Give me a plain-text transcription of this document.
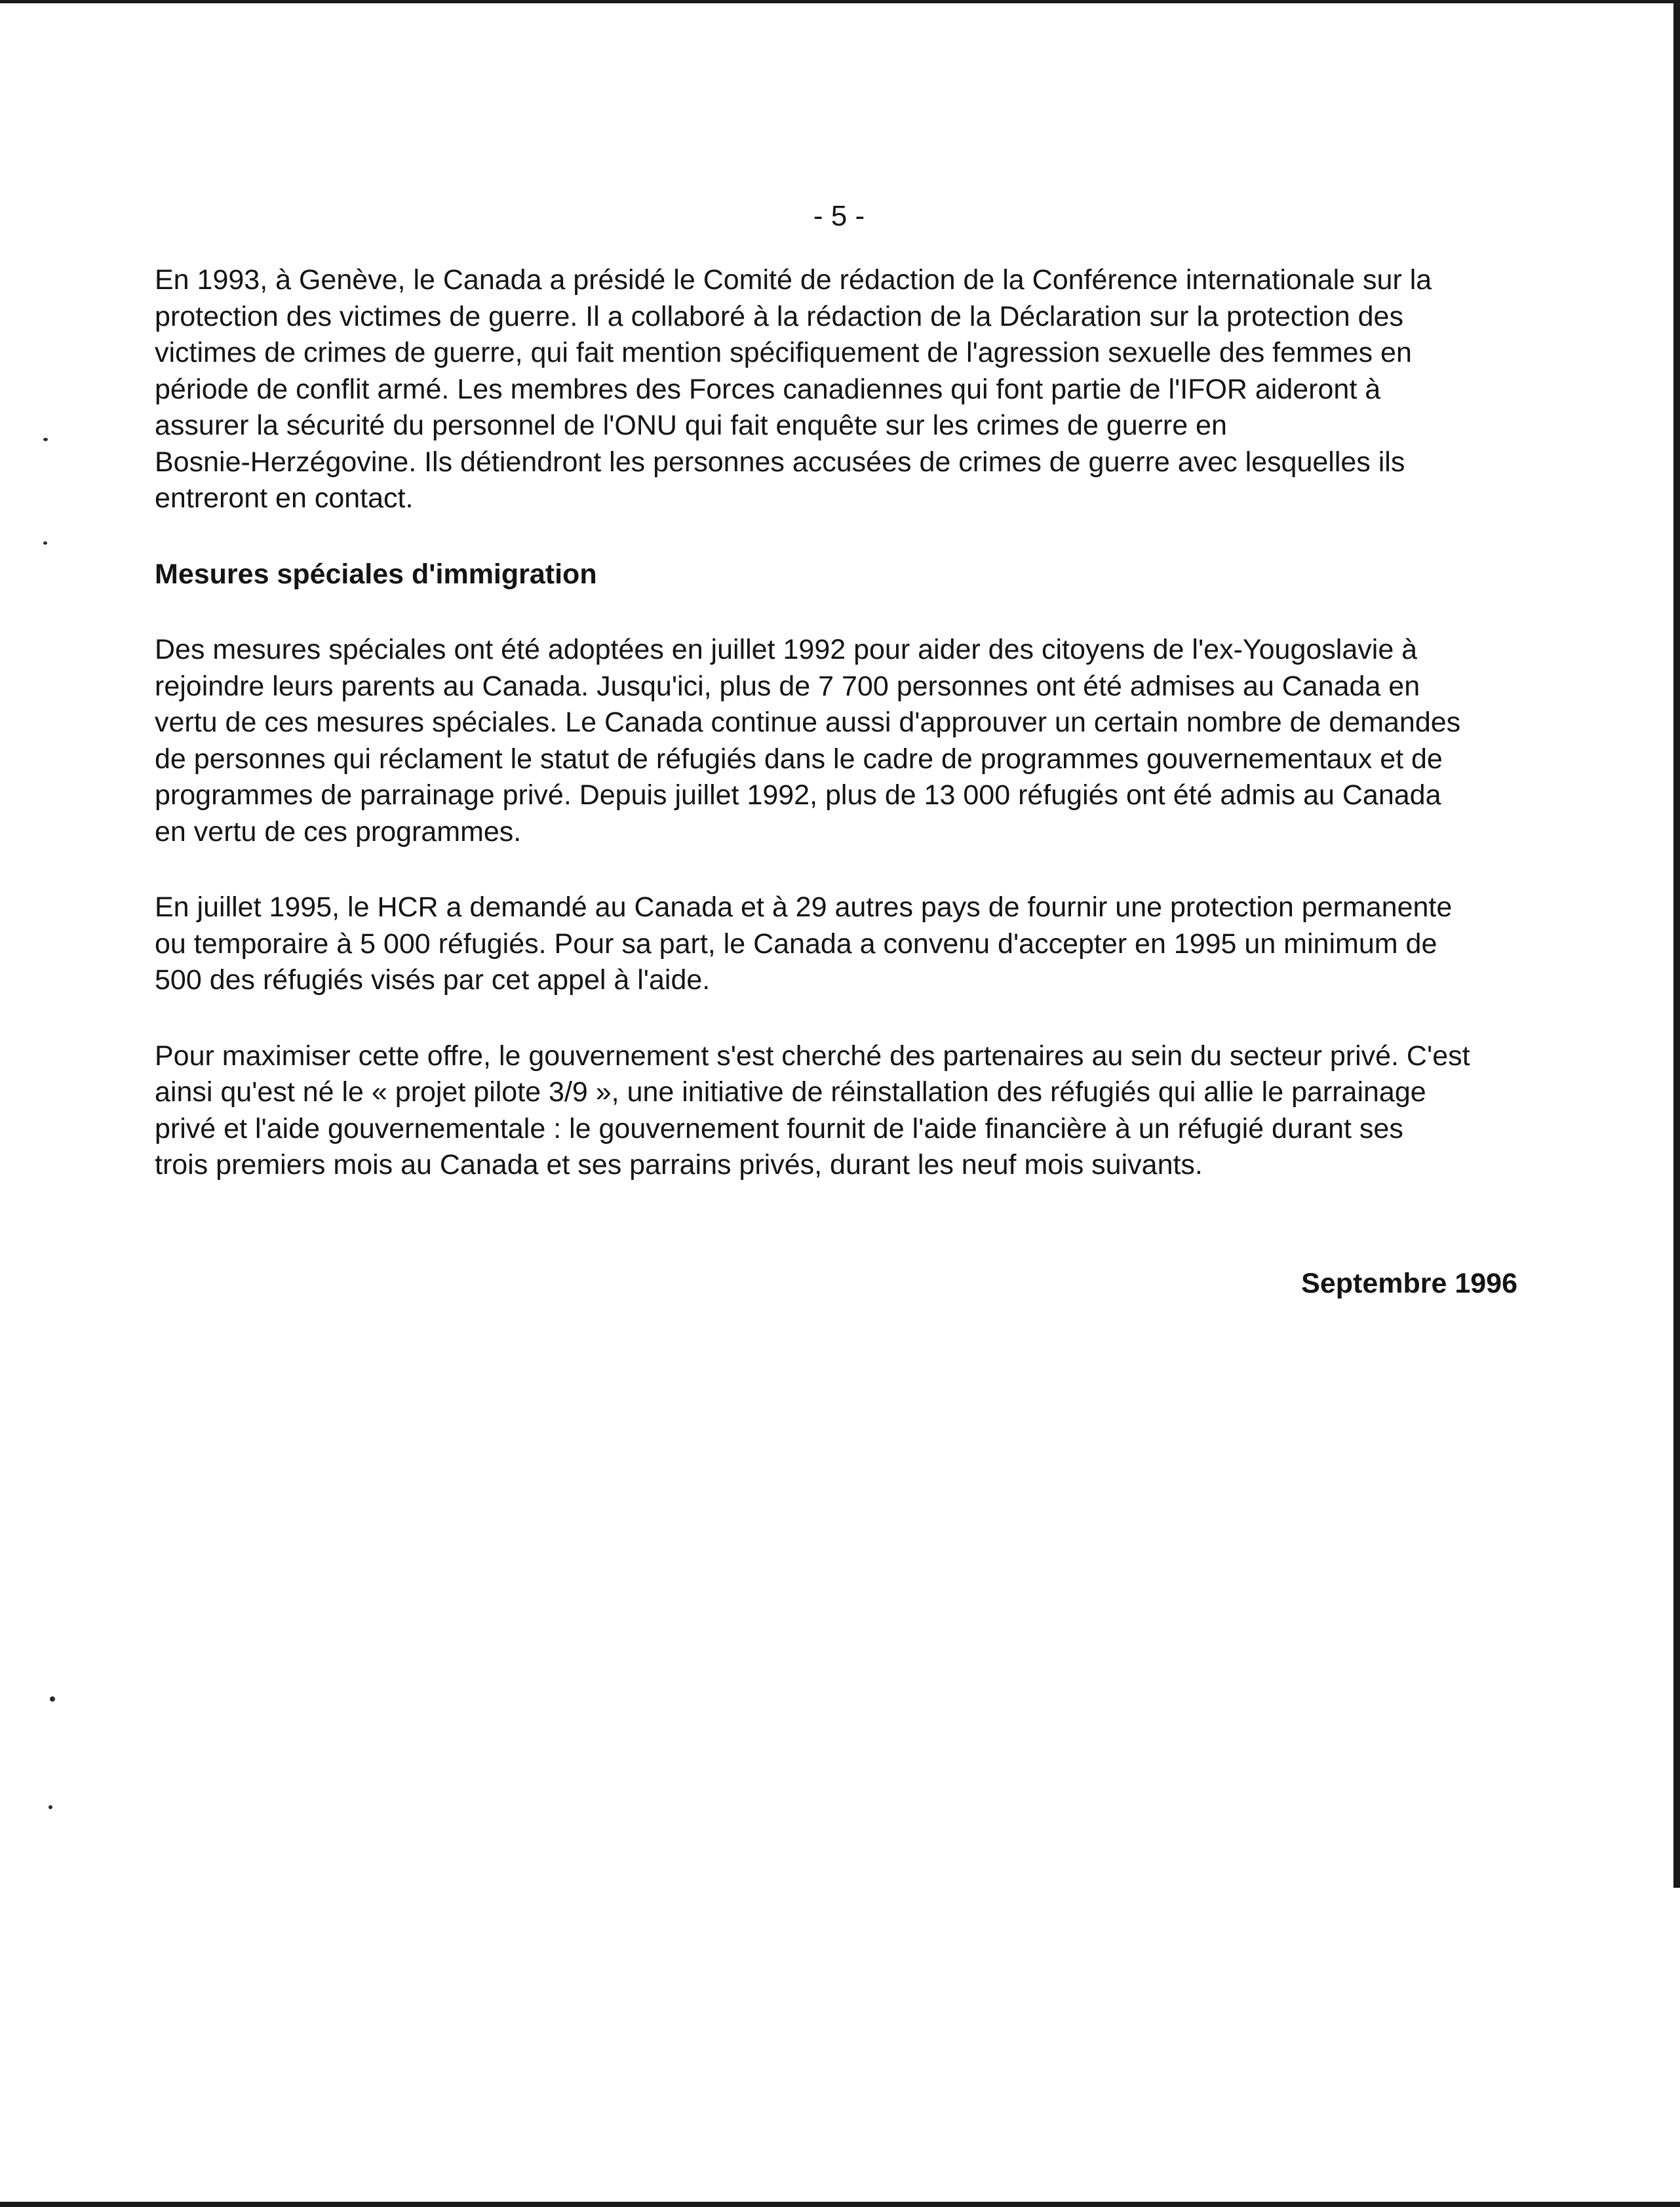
- 5 -

En 1993, à Genève, le Canada a présidé le Comité de rédaction de la Conférence internationale sur la
protection des victimes de guerre. Il a collaboré à la rédaction de la Déclaration sur la protection des
victimes de crimes de guerre, qui fait mention spécifiquement de l'agression sexuelle des femmes en
période de conflit armé. Les membres des Forces canadiennes qui font partie de l'IFOR aideront à
assurer la sécurité du personnel de l'ONU qui fait enquête sur les crimes de guerre en
Bosnie-Herzégovine. Ils détiendront les personnes accusées de crimes de guerre avec lesquelles ils
entreront en contact.

Mesures spéciales d'immigration

Des mesures spéciales ont été adoptées en juillet 1992 pour aider des citoyens de l'ex-Yougoslavie à
rejoindre leurs parents au Canada. Jusqu'ici, plus de 7 700 personnes ont été admises au Canada en
vertu de ces mesures spéciales. Le Canada continue aussi d'approuver un certain nombre de demandes
de personnes qui réclament le statut de réfugiés dans le cadre de programmes gouvernementaux et de
programmes de parrainage privé. Depuis juillet 1992, plus de 13 000 réfugiés ont été admis au Canada
en vertu de ces programmes.

En juillet 1995, le HCR a demandé au Canada et à 29 autres pays de fournir une protection permanente
ou temporaire à 5 000 réfugiés. Pour sa part, le Canada a convenu d'accepter en 1995 un minimum de
500 des réfugiés visés par cet appel à l'aide.

Pour maximiser cette offre, le gouvernement s'est cherché des partenaires au sein du secteur privé. C'est
ainsi qu'est né le « projet pilote 3/9 », une initiative de réinstallation des réfugiés qui allie le parrainage
privé et l'aide gouvernementale : le gouvernement fournit de l'aide financière à un réfugié durant ses
trois premiers mois au Canada et ses parrains privés, durant les neuf mois suivants.

Septembre 1996
